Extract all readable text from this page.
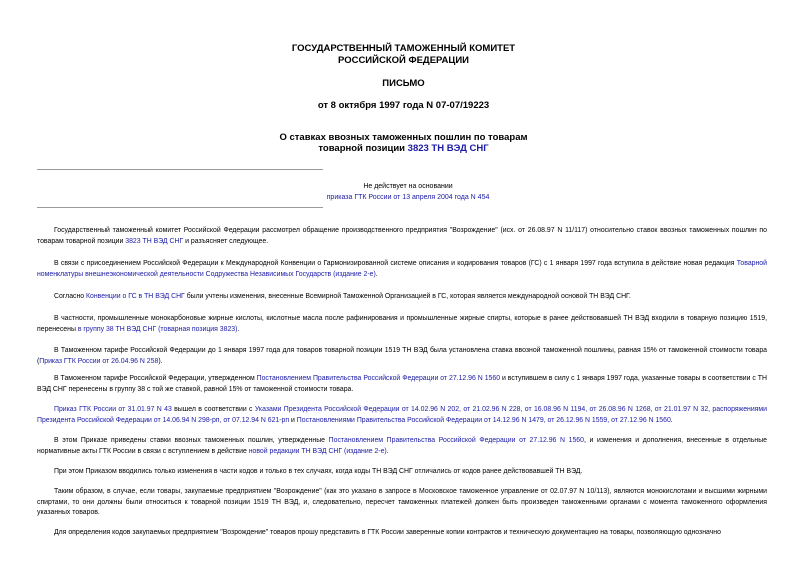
ГОСУДАРСТВЕННЫЙ ТАМОЖЕННЫЙ КОМИТЕТ
РОССИЙСКОЙ ФЕДЕРАЦИИ
ПИСЬМО
от 8 октября 1997 года N 07-07/19223
О ставках ввозных таможенных пошлин по товарам
товарной позиции 3823 ТН ВЭД СНГ
Не действует на основании
приказа ГТК России от 13 апреля 2004 года N 454
Государственный таможенный комитет Российской Федерации рассмотрел обращение производственного предприятия "Возрождение" (исх. от 26.08.97 N 11/117) относительно ставок ввозных таможенных пошлин по товарам товарной позиции 3823 ТН ВЭД СНГ и разъясняет следующее.
В связи с присоединением Российской Федерации к Международной Конвенции о Гармонизированной системе описания и кодирования товаров (ГС) с 1 января 1997 года вступила в действие новая редакция Товарной номенклатуры внешнеэкономической деятельности Содружества Независимых Государств (издание 2-е).
Согласно Конвенции о ГС в ТН ВЭД СНГ были учтены изменения, внесенные Всемирной Таможенной Организацией в ГС, которая является международной основой ТН ВЭД СНГ.
В частности, промышленные монокарбоновые жирные кислоты, кислотные масла после рафинирования и промышленные жирные спирты, которые в ранее действовавшей ТН ВЭД входили в товарную позицию 1519, перенесены в группу 38 ТН ВЭД СНГ (товарная позиция 3823).
В Таможенном тарифе Российской Федерации до 1 января 1997 года для товаров товарной позиции 1519 ТН ВЭД была установлена ставка ввозной таможенной пошлины, равная 15% от таможенной стоимости товара (Приказ ГТК России от 26.04.96 N 258).
В Таможенном тарифе Российской Федерации, утвержденном Постановлением Правительства Российской Федерации от 27.12.96 N 1560 и вступившем в силу с 1 января 1997 года, указанные товары в соответствии с ТН ВЭД СНГ перенесены в группу 38 с той же ставкой, равной 15% от таможенной стоимости товара.
Приказ ГТК России от 31.01.97 N 43 вышел в соответствии с Указами Президента Российской Федерации от 14.02.96 N 202, от 21.02.96 N 228, от 16.08.96 N 1194, от 26.08.96 N 1268, от 21.01.97 N 32, распоряжениями Президента Российской Федерации от 14.06.94 N 298-рп, от 07.12.94 N 621-рп и Постановлениями Правительства Российской Федерации от 14.12.96 N 1479, от 26.12.96 N 1559, от 27.12.96 N 1560.
В этом Приказе приведены ставки ввозных таможенных пошлин, утвержденные Постановлением Правительства Российской Федерации от 27.12.96 N 1560, и изменения и дополнения, внесенные в отдельные нормативные акты ГТК России в связи с вступлением в действие новой редакции ТН ВЭД СНГ (издание 2-е).
При этом Приказом вводились только изменения в части кодов и только в тех случаях, когда коды ТН ВЭД СНГ отличались от кодов ранее действовавшей ТН ВЭД.
Таким образом, в случае, если товары, закупаемые предприятием "Возрождение" (как это указано в запросе в Московское таможенное управление от 02.07.97 N 10/113), являются монокислотами и высшими жирными спиртами, то они должны были относиться к товарной позиции 1519 ТН ВЭД, и, следовательно, пересчет таможенных платежей должен быть произведен таможенными органами с момента таможенного оформления указанных товаров.
Для определения кодов закупаемых предприятием "Возрождение" товаров прошу представить в ГТК России заверенные копии контрактов и техническую документацию на товары, позволяющую однозначно
